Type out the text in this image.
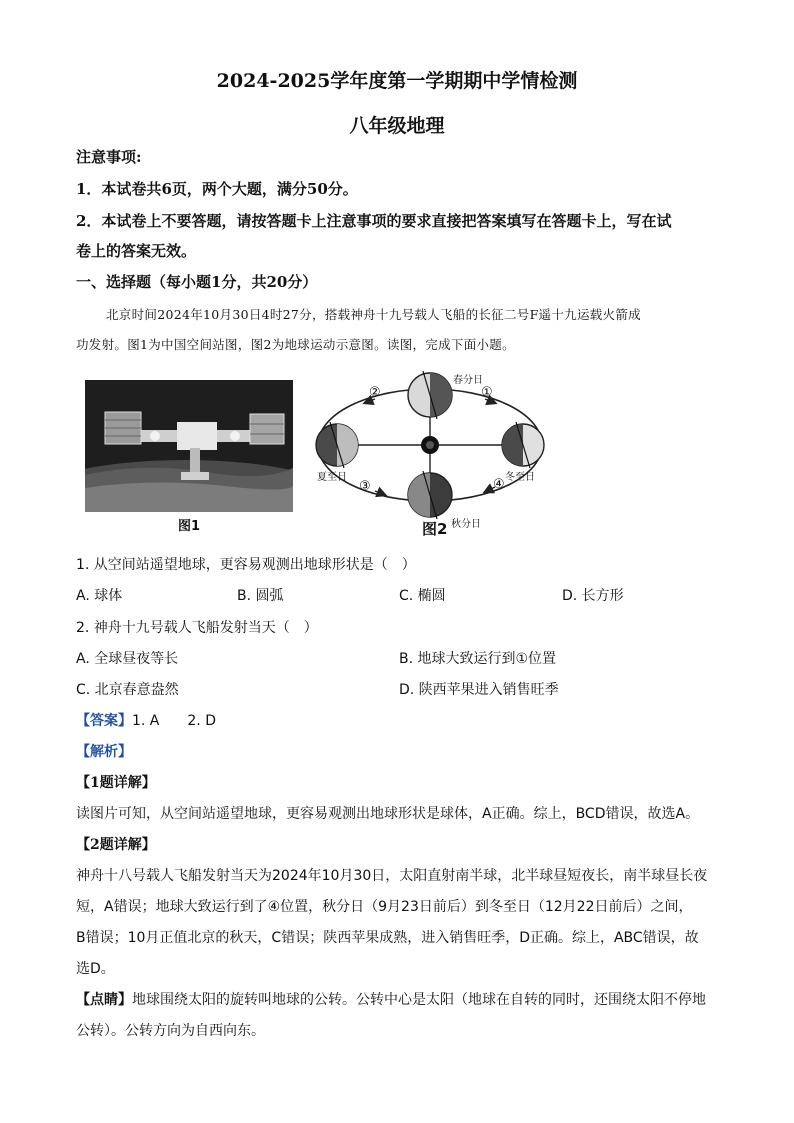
2024-2025学年度第一学期期中学情检测
八年级地理
注意事项:
1．本试卷共6页，两个大题，满分50分。
2．本试卷上不要答题，请按答题卡上注意事项的要求直接把答案填写在答题卡上，写在试
卷上的答案无效。
一、选择题（每小题1分，共20分）
北京时间2024年10月30日4时27分，搭载神舟十九号载人飞船的长征二号F遥十九运载火箭成
功发射。图1为中国空间站图，图2为地球运动示意图。读图，完成下面小题。
图1
②	①
③	④
春分日
冬至日
秋分日
夏至日
图2
1. 从空间站遥望地球，更容易观测出地球形状是（　）
A. 球体	B. 圆弧	C. 椭圆	D. 长方形
2. 神舟十九号载人飞船发射当天（　）
A. 全球昼夜等长	B. 地球大致运行到①位置
C. 北京春意盎然	D. 陕西苹果进入销售旺季
【答案】1. A　　2. D
【解析】
【1题详解】
读图片可知，从空间站遥望地球，更容易观测出地球形状是球体，A正确。综上，BCD错误，故选A。
【2题详解】
神舟十八号载人飞船发射当天为2024年10月30日，太阳直射南半球，北半球昼短夜长，南半球昼长夜
短，A错误；地球大致运行到了④位置，秋分日（9月23日前后）到冬至日（12月22日前后）之间，
B错误；10月正值北京的秋天，C错误；陕西苹果成熟，进入销售旺季，D正确。综上，ABC错误，故
选D。
【点睛】地球围绕太阳的旋转叫地球的公转。公转中心是太阳（地球在自转的同时，还围绕太阳不停地
公转）。公转方向为自西向东。
